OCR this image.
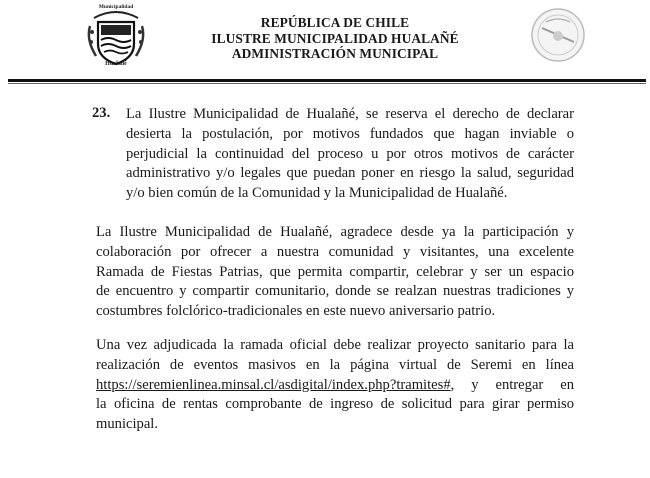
Municipalidad
Hualañé
REPÚBLICA DE CHILE
ILUSTRE MUNICIPALIDAD HUALAÑÉ
ADMINISTRACIÓN MUNICIPAL
23. La Ilustre Municipalidad de Hualañé, se reserva el derecho de declarar
desierta la postulación, por motivos fundados que hagan inviable o
perjudicial la continuidad del proceso u por otros motivos de carácter
administrativo y/o legales que puedan poner en riesgo la salud, seguridad
y/o bien común de la Comunidad y la Municipalidad de Hualañé.
La Ilustre Municipalidad de Hualañé, agradece desde ya la participación y
colaboración por ofrecer a nuestra comunidad y visitantes, una excelente
Ramada de Fiestas Patrias, que permita compartir, celebrar y ser un espacio
de encuentro y compartir comunitario, donde se realzan nuestras tradiciones y
costumbres folclórico-tradicionales en este nuevo aniversario patrio.
Una vez adjudicada la ramada oficial debe realizar proyecto sanitario para la
realización de eventos masivos en la página virtual de Seremi en línea
https://seremienlinea.minsal.cl/asdigital/index.php?tramites#, y entregar en
la oficina de rentas comprobante de ingreso de solicitud para girar permiso
municipal.
